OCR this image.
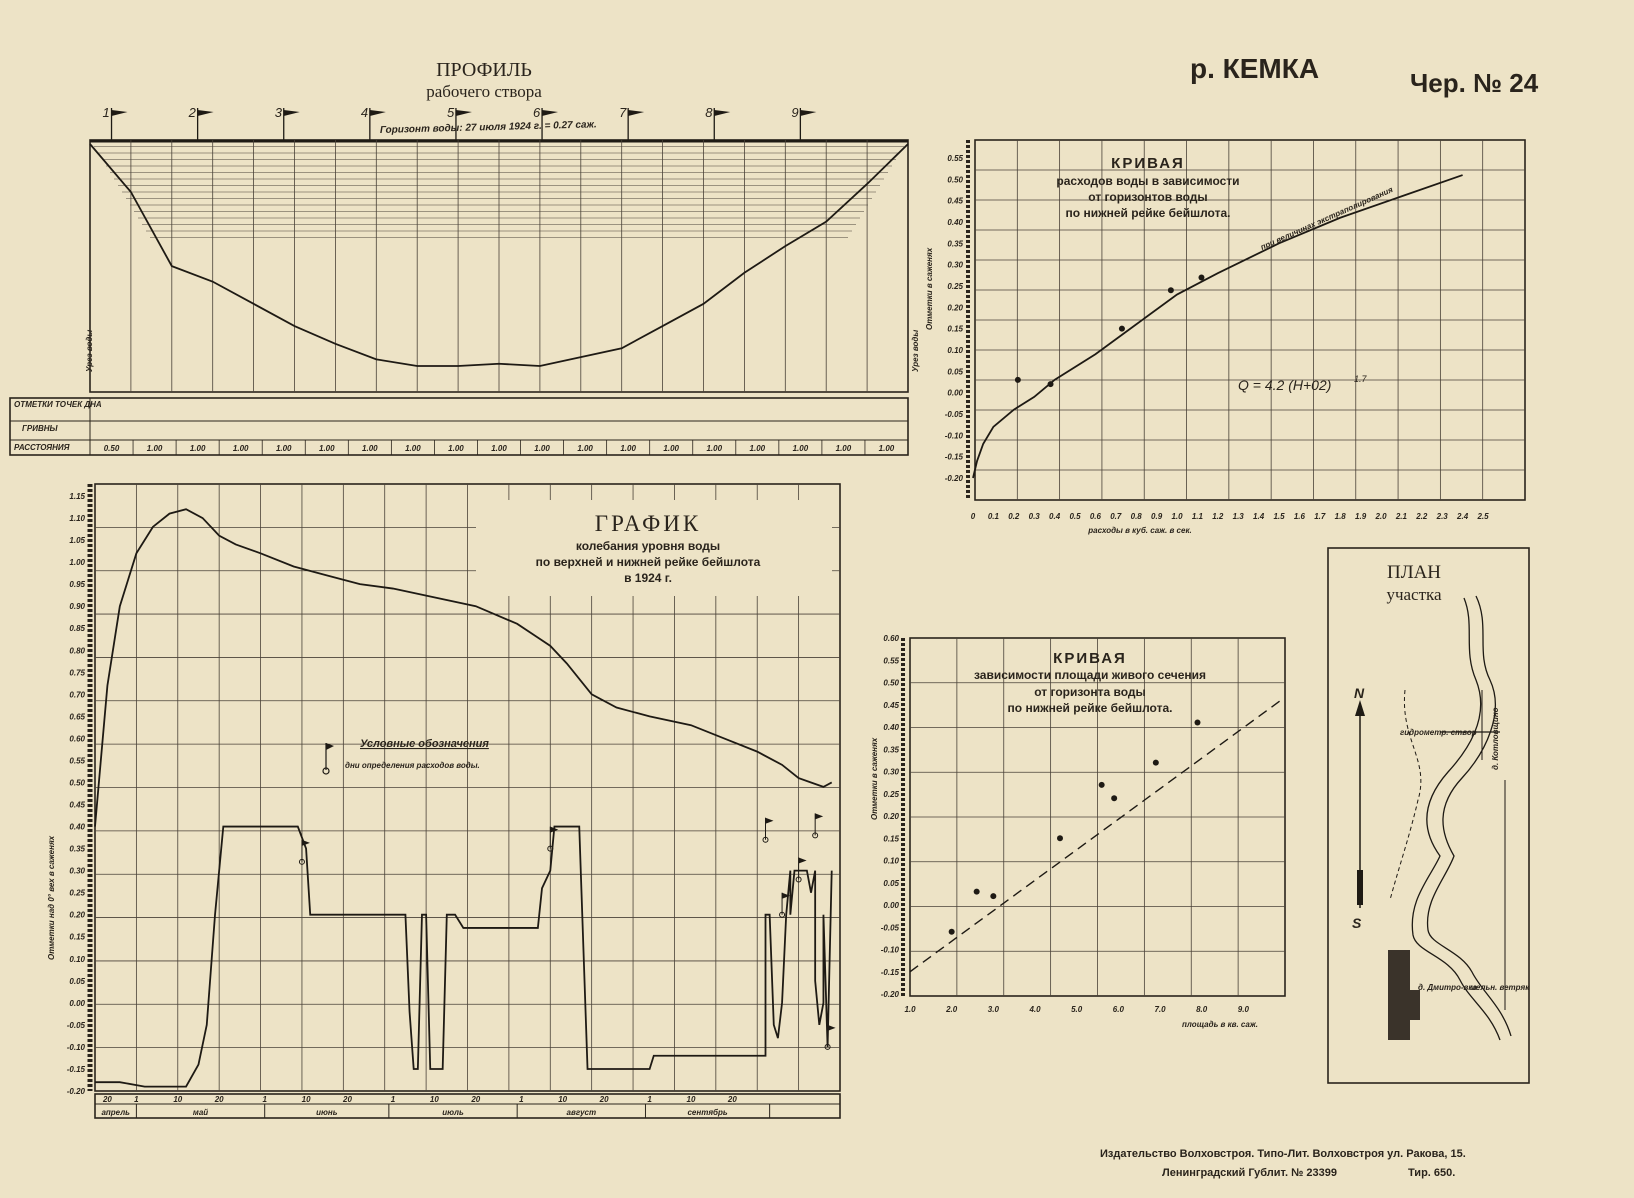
р. КЕМКА	Чер. № 24
ПРОФИЛЬ
рабочего створа
1	2	3	4	5	6	7	8	9
Горизонт воды: 27 июля 1924 г. = 0.27 саж.
Урез воды	Урез воды
ОТМЕТКИ ТОЧЕК ДНА
ГРИВНЫ
РАССТОЯНИЯ	0.50	1.00	1.00	1.00	1.00	1.00	1.00	1.00	1.00	1.00	1.00	1.00	1.00	1.00	1.00	1.00	1.00	1.00	1.00
0 0.1 0.2 0.3 0.4 0.5 0.6 0.7 0.8 0.9 1.0 1.1 1.2 1.3 1.4 1.5 1.6 1.7 1.8 1.9 2.0 2.1 2.2 2.3 2.4 2.5
0.55
0.50
0.45
0.40
0.35
0.30
0.25
0.20
0.15
0.10
0.05
0.00
-0.05
-0.10
-0.15
-0.20
КРИВАЯ
расходов воды в зависимости
от горизонтов воды
по нижней рейке бейшлота.
Q = 4.2 (H+02)	1.7
при величинах экстраполирования
расходы в куб. саж. в сек.
Отметки в саженях
1.0	2.0	3.0	4.0	5.0	6.0	7.0	8.0	9.0
0.60
0.55
0.50
0.45
0.40
0.35
0.30
0.25
0.20
0.15
0.10
0.05
0.00
-0.05
-0.10
-0.15
-0.20
КРИВАЯ
зависимости площади живого сечения
от горизонта воды
по нижней рейке бейшлота.
площадь в кв. саж.
Отметки в саженях
1.15
1.10
1.05
1.00
0.95
0.90
0.85
0.80
0.75
0.70
0.65
0.60
0.55
0.50
0.45
0.40
0.35
0.30
0.25
0.20
0.15
0.10
0.05
0.00
-0.05
-0.10
-0.15
-0.20
апрель	май	июнь	июль	август	сентябрь
20	1	10	20	1	10	20	1	10	20	1	10	20	1	10	20
ГРАФИК
колебания уровня воды
по верхней и нижней рейке бейшлота
в 1924 г.
Отметки над 0° вех в саженях
Условные обозначения
дни определения расходов воды.
ПЛАН
участка
N
S
гидрометр. створ д. Котловщино
д. Дмитро-вка
мельн. ветряк
Издательство Волховстроя. Типо-Лит. Волховстроя ул. Ракова, 15.
Ленинградский Гублит. № 23399	Тир. 650.
